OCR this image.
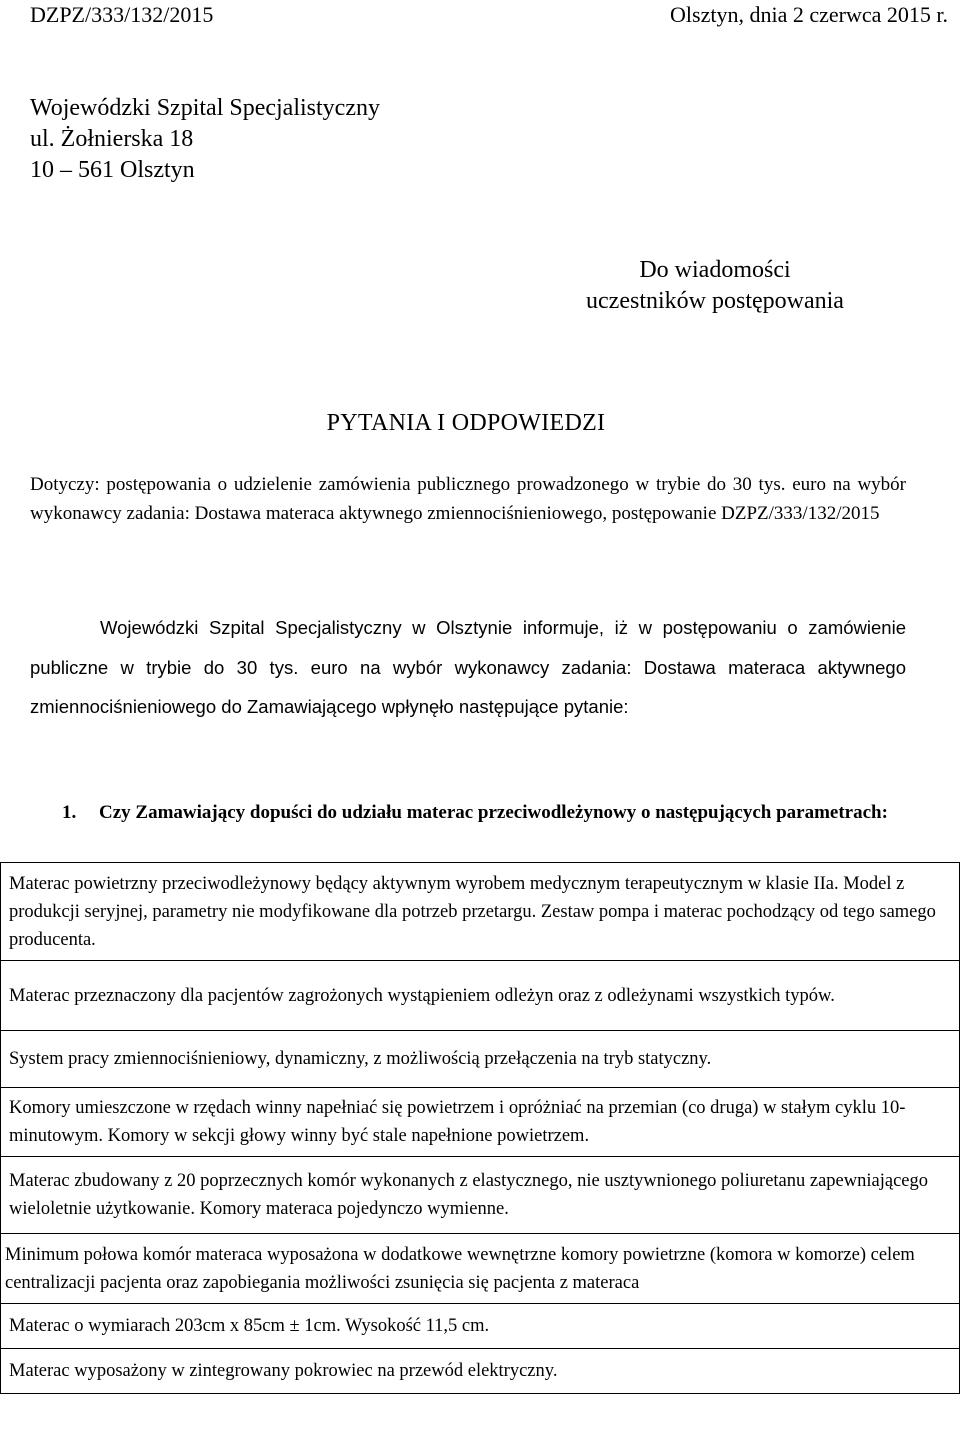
DZPZ/333/132/2015	Olsztyn, dnia 2 czerwca 2015 r.
Wojewódzki Szpital Specjalistyczny
ul. Żołnierska 18
10 – 561 Olsztyn
Do wiadomości
uczestników postępowania
PYTANIA I ODPOWIEDZI
Dotyczy: postępowania o udzielenie zamówienia publicznego prowadzonego w trybie do 30 tys. euro na wybór wykonawcy zadania: Dostawa materaca aktywnego zmiennociśnieniowego, postępowanie DZPZ/333/132/2015
Wojewódzki Szpital Specjalistyczny w Olsztynie informuje, iż w postępowaniu o zamówienie publiczne w trybie do 30 tys. euro na wybór wykonawcy zadania: Dostawa materaca aktywnego zmiennociśnieniowego do Zamawiającego wpłynęło następujące pytanie:
1. Czy Zamawiający dopuści do udziału materac przeciwodleżynowy o następujących parametrach:
Materac powietrzny przeciwodleżynowy będący aktywnym wyrobem medycznym terapeutycznym w klasie IIa. Model z produkcji seryjnej, parametry nie modyfikowane dla potrzeb przetargu. Zestaw pompa i materac pochodzący od tego samego producenta.
Materac przeznaczony dla pacjentów zagrożonych wystąpieniem odleżyn oraz z odleżynami wszystkich typów.
System pracy zmiennociśnieniowy, dynamiczny, z możliwością przełączenia na tryb statyczny.
Komory umieszczone w rzędach winny napełniać się powietrzem i opróżniać na przemian (co druga) w stałym cyklu 10- minutowym. Komory w sekcji głowy winny być stale napełnione powietrzem.
Materac zbudowany z 20 poprzecznych komór wykonanych z elastycznego, nie usztywnionego poliuretanu zapewniającego wieloletnie użytkowanie. Komory materaca pojedynczo wymienne.
Minimum połowa komór materaca wyposażona w dodatkowe wewnętrzne komory powietrzne (komora w komorze) celem centralizacji pacjenta oraz zapobiegania możliwości zsunięcia się pacjenta z materaca
Materac o wymiarach 203cm x 85cm ± 1cm. Wysokość 11,5 cm.
Materac wyposażony w zintegrowany pokrowiec na przewód elektryczny.
